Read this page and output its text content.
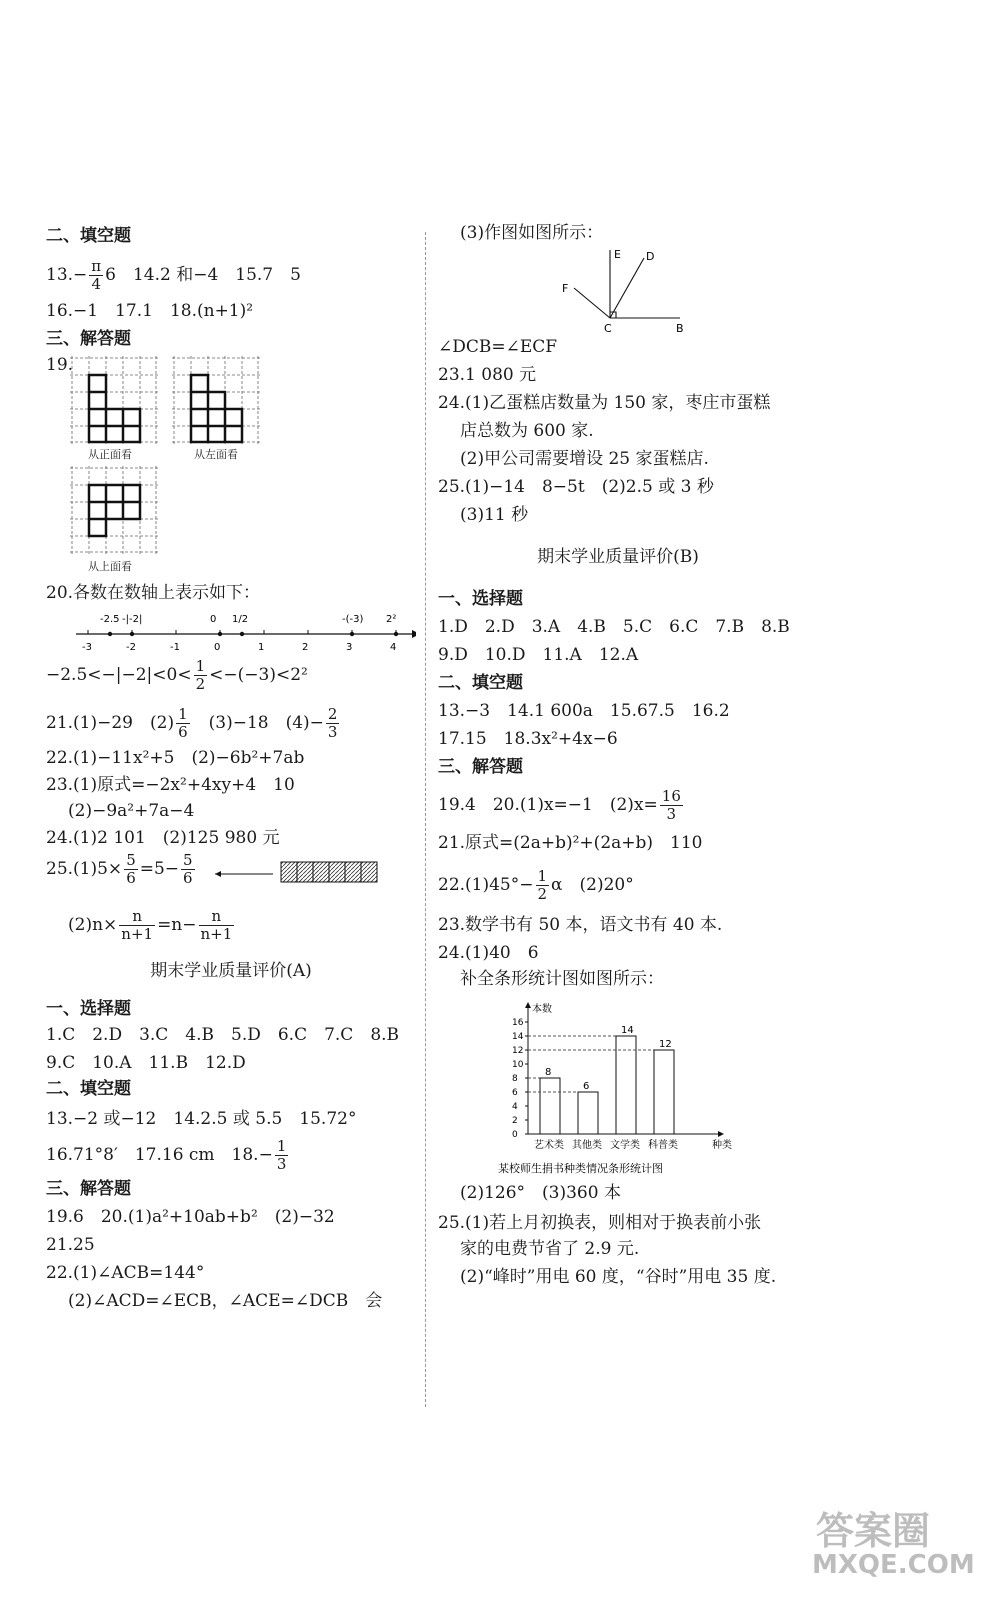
二、填空题
$13.- \frac{\pi}{4} 6$　14.2 和−4　15.7　5
16.−1　17.1　18.(n+1)²
三、解答题
19.
从正面看	从左面看
从上面看
20.各数在数轴上表示如下：
-3	-2	-1	0	1	2	3	4
-2.5 -|-2|	0 1/2	-(-3) 2²
$-2.5<-|-2|<0< \frac{1}{2} <-(-3)<2^2$
21.(1)−29　$(2) \frac{1}{6}$ 　(3)−18　$(4)- \frac{2}{3}$
22.(1)−11x²+5　(2)−6b²+7ab
23.(1)原式=−2x²+4xy+4　10
(2)−9a²+7a−4
24.(1)2 101　(2)125 980 元
$25.(1)5\times \frac{5}{6} =5- \frac{5}{6}$
$(2)n\times \frac{n}{n+1} =n- \frac{n}{n+1}$
期末学业质量评价(A)
一、选择题
1.C　2.D　3.C　4.B　5.D　6.C　7.C　8.B
9.C　10.A　11.B　12.D
二、填空题
13.−2 或−12　14.2.5 或 5.5　15.72°
16.71°8′　17.16 cm　$18.- \frac{1}{3}$
三、解答题
19.6　20.(1)a²+10ab+b²　(2)−32
21.25
22.(1)∠ACB=144°
(2)∠ACD=∠ECB，∠ACE=∠DCB　会
(3)作图如图所示：
E D
F
C	B
∠DCB=∠ECF
23.1 080 元
24.(1)乙蛋糕店数量为 150 家，枣庄市蛋糕
店总数为 600 家.
(2)甲公司需要增设 25 家蛋糕店.
25.(1)−14　8−5t　(2)2.5 或 3 秒
(3)11 秒
期末学业质量评价(B)
一、选择题
1.D　2.D　3.A　4.B　5.C　6.C　7.B　8.B
9.D　10.D　11.A　12.A
二、填空题
13.−3　14.1 600a　15.67.5　16.2
17.15　18.3x²+4x−6
三、解答题
19.4　20.(1)x=−1　$(2)x= \frac{16}{3}$
21.原式=(2a+b)²+(2a+b)　110
$22.(1)45^\circ- \frac{1}{2}$ α　(2)20°
23.数学书有 50 本，语文书有 40 本.
24.(1)40　6
补全条形统计图如图所示：
本数
种类
0
2
4
6
8
10
12
14
16
8
艺术类
6
其他类
14
文学类
12
科普类
某校师生捐书种类情况条形统计图
(2)126°　(3)360 本
25.(1)若上月初换表，则相对于换表前小张
家的电费节省了 2.9 元.
(2)“峰时”用电 60 度，“谷时”用电 35 度.
答案圈
MXQE.COM
